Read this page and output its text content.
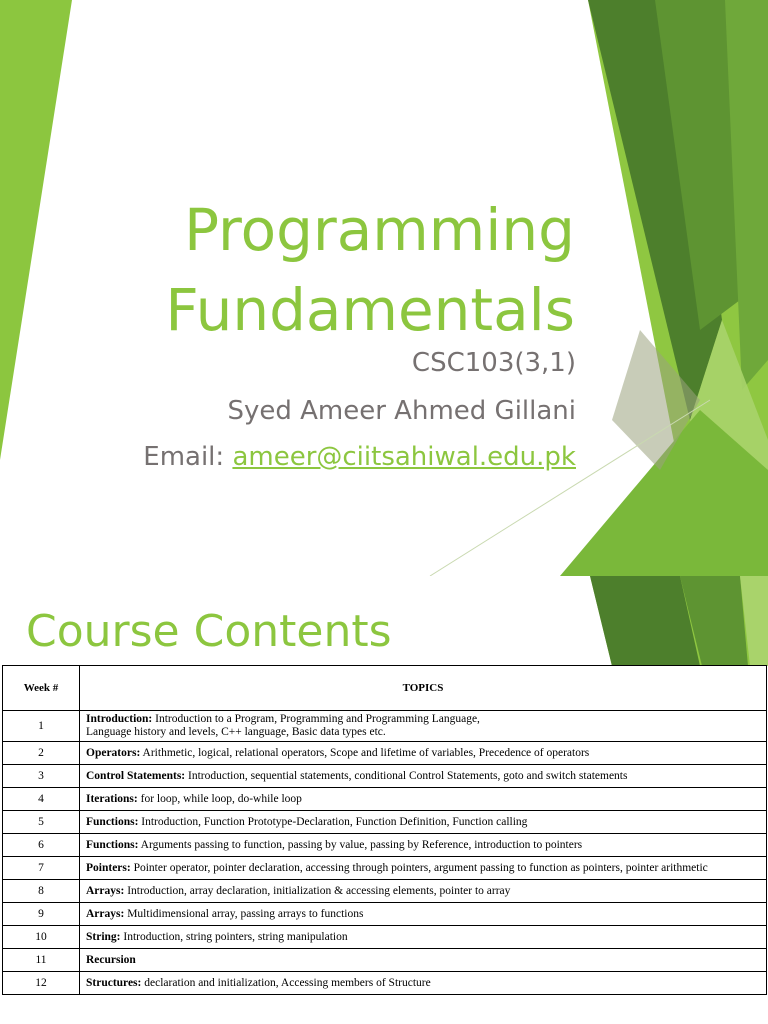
Programming
Fundamentals
CSC103(3,1)
Syed Ameer Ahmed Gillani
Email: ameer@ciitsahiwal.edu.pk
Course Contents
Week #	TOPICS
1	Introduction: Introduction to a Program, Programming and Programming Language,
Language history and levels, C++ language, Basic data types etc.
2	Operators: Arithmetic, logical, relational operators, Scope and lifetime of variables, Precedence of operators
3	Control Statements: Introduction, sequential statements, conditional Control Statements, goto and switch statements
4	Iterations: for loop, while loop, do-while loop
5	Functions: Introduction, Function Prototype-Declaration, Function Definition, Function calling
6	Functions: Arguments passing to function, passing by value, passing by Reference, introduction to pointers
7	Pointers: Pointer operator, pointer declaration, accessing through pointers, argument passing to function as pointers, pointer arithmetic
8	Arrays: Introduction, array declaration, initialization & accessing elements, pointer to array
9	Arrays: Multidimensional array, passing arrays to functions
10	String: Introduction, string pointers, string manipulation
11	Recursion
12	Structures: declaration and initialization, Accessing members of Structure
